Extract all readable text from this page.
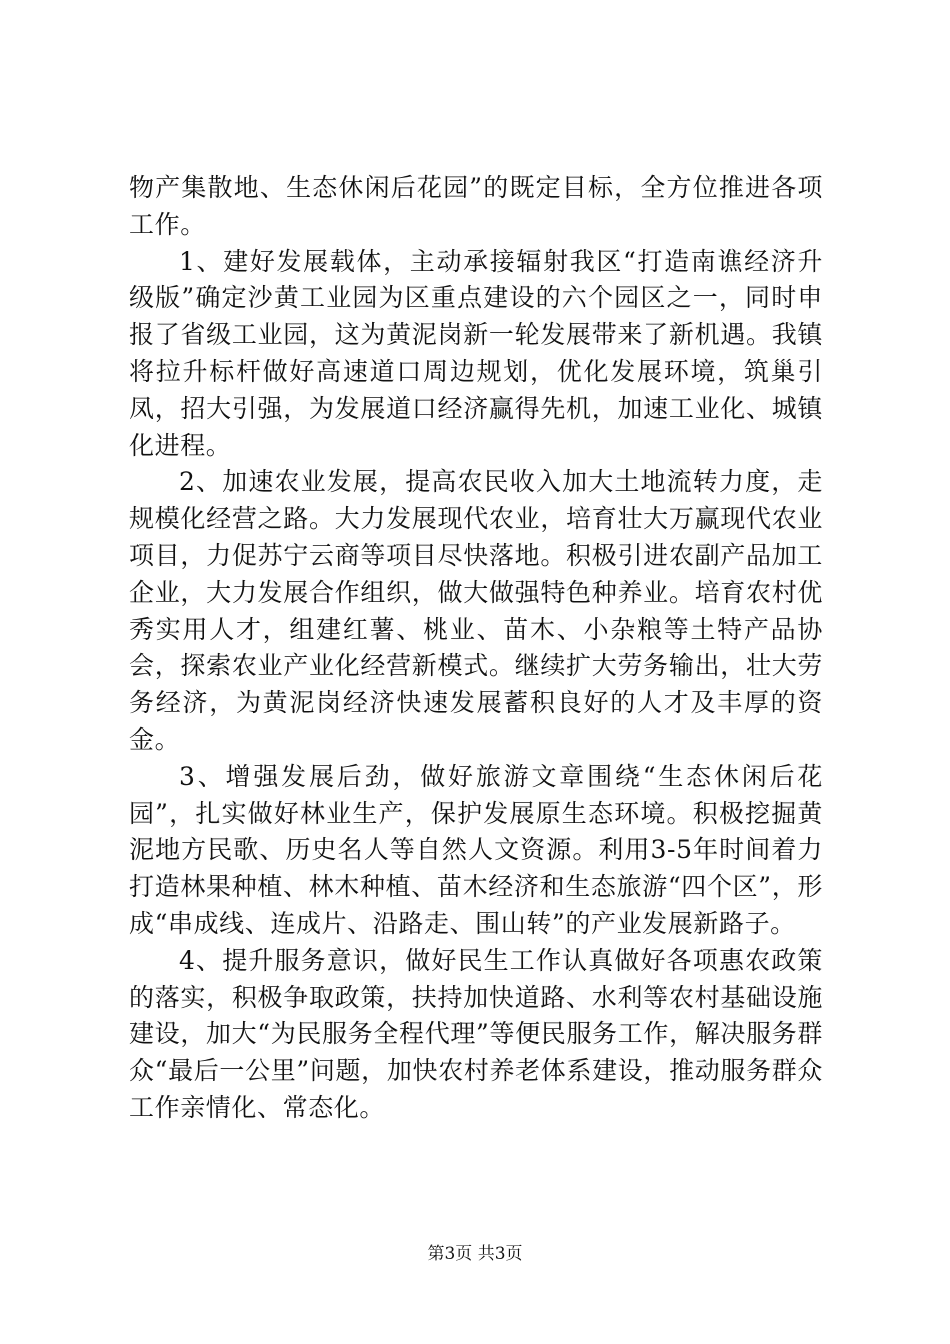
物产集散地、生态休闲后花园”的既定目标，全方位推进各项工作。

1、建好发展载体，主动承接辐射我区“打造南谯经济升级版”确定沙黄工业园为区重点建设的六个园区之一，同时申报了省级工业园，这为黄泥岗新一轮发展带来了新机遇。我镇将拉升标杆做好高速道口周边规划，优化发展环境，筑巢引凤，招大引强，为发展道口经济赢得先机，加速工业化、城镇化进程。

2、加速农业发展，提高农民收入加大土地流转力度，走规模化经营之路。大力发展现代农业，培育壮大万赢现代农业项目，力促苏宁云商等项目尽快落地。积极引进农副产品加工企业，大力发展合作组织，做大做强特色种养业。培育农村优秀实用人才，组建红薯、桃业、苗木、小杂粮等土特产品协会，探索农业产业化经营新模式。继续扩大劳务输出，壮大劳务经济，为黄泥岗经济快速发展蓄积良好的人才及丰厚的资金。

3、增强发展后劲，做好旅游文章围绕“生态休闲后花园”，扎实做好林业生产，保护发展原生态环境。积极挖掘黄泥地方民歌、历史名人等自然人文资源。利用3-5年时间着力打造林果种植、林木种植、苗木经济和生态旅游“四个区”，形成“串成线、连成片、沿路走、围山转”的产业发展新路子。

4、提升服务意识，做好民生工作认真做好各项惠农政策的落实，积极争取政策，扶持加快道路、水利等农村基础设施建设，加大“为民服务全程代理”等便民服务工作，解决服务群众“最后一公里”问题，加快农村养老体系建设，推动服务群众工作亲情化、常态化。

第3页 共3页
